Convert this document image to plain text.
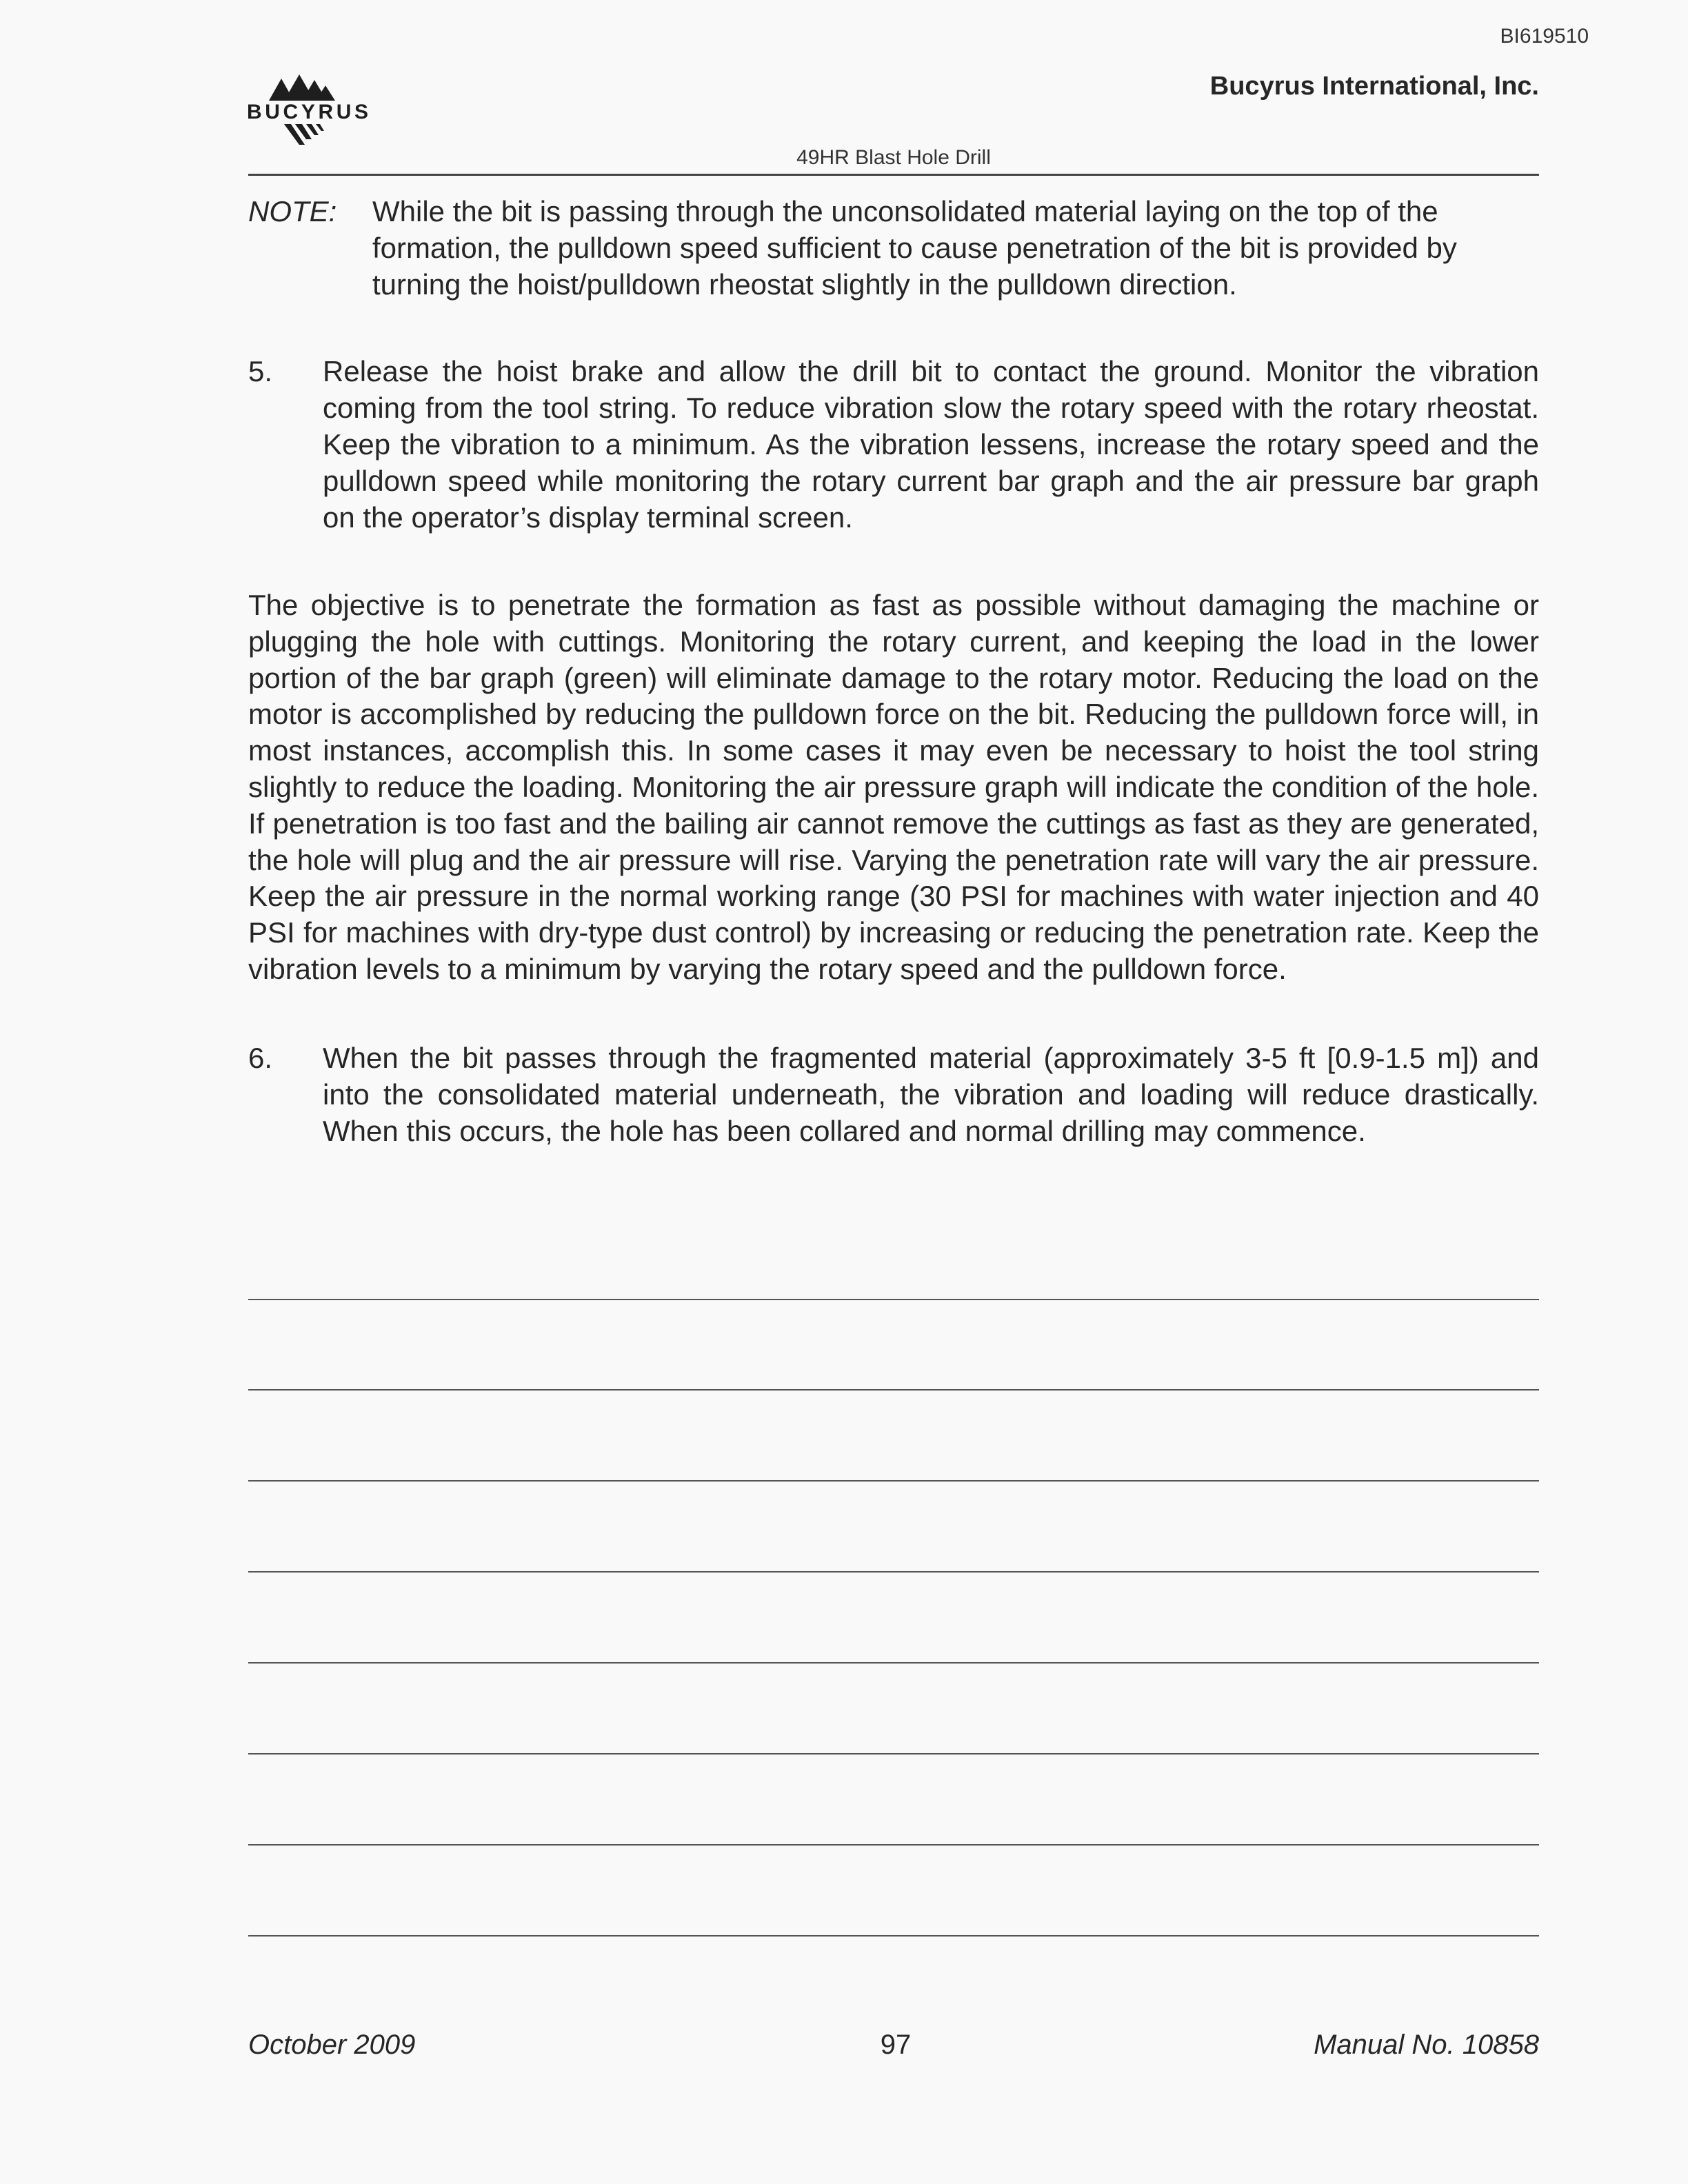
BI619510
BUCYRUS
Bucyrus International, Inc.
49HR Blast Hole Drill
NOTE: While the bit is passing through the unconsolidated material laying on the top of the formation, the pulldown speed sufficient to cause penetration of the bit is provided by turning the hoist/pulldown rheostat slightly in the pulldown direction.
5. Release the hoist brake and allow the drill bit to contact the ground. Monitor the vibration coming from the tool string. To reduce vibration slow the rotary speed with the rotary rheostat. Keep the vibration to a minimum. As the vibration lessens, increase the rotary speed and the pulldown speed while monitoring the rotary current bar graph and the air pressure bar graph on the operator’s display terminal screen.
The objective is to penetrate the formation as fast as possible without damaging the machine or plugging the hole with cuttings. Monitoring the rotary current, and keeping the load in the lower portion of the bar graph (green) will eliminate damage to the rotary motor. Reducing the load on the motor is accomplished by reducing the pulldown force on the bit. Reducing the pulldown force will, in most instances, accomplish this. In some cases it may even be necessary to hoist the tool string slightly to reduce the loading. Monitoring the air pressure graph will indicate the condition of the hole. If penetration is too fast and the bailing air cannot remove the cuttings as fast as they are generated, the hole will plug and the air pressure will rise. Varying the penetration rate will vary the air pressure. Keep the air pressure in the normal working range (30 PSI for machines with water injection and 40 PSI for machines with dry-type dust control) by increasing or reducing the penetration rate. Keep the vibration levels to a minimum by varying the rotary speed and the pulldown force.
6. When the bit passes through the fragmented material (approximately 3-5 ft [0.9-1.5 m]) and into the consolidated material underneath, the vibration and loading will reduce drastically. When this occurs, the hole has been collared and normal drilling may commence.
October 2009	97	Manual No. 10858
